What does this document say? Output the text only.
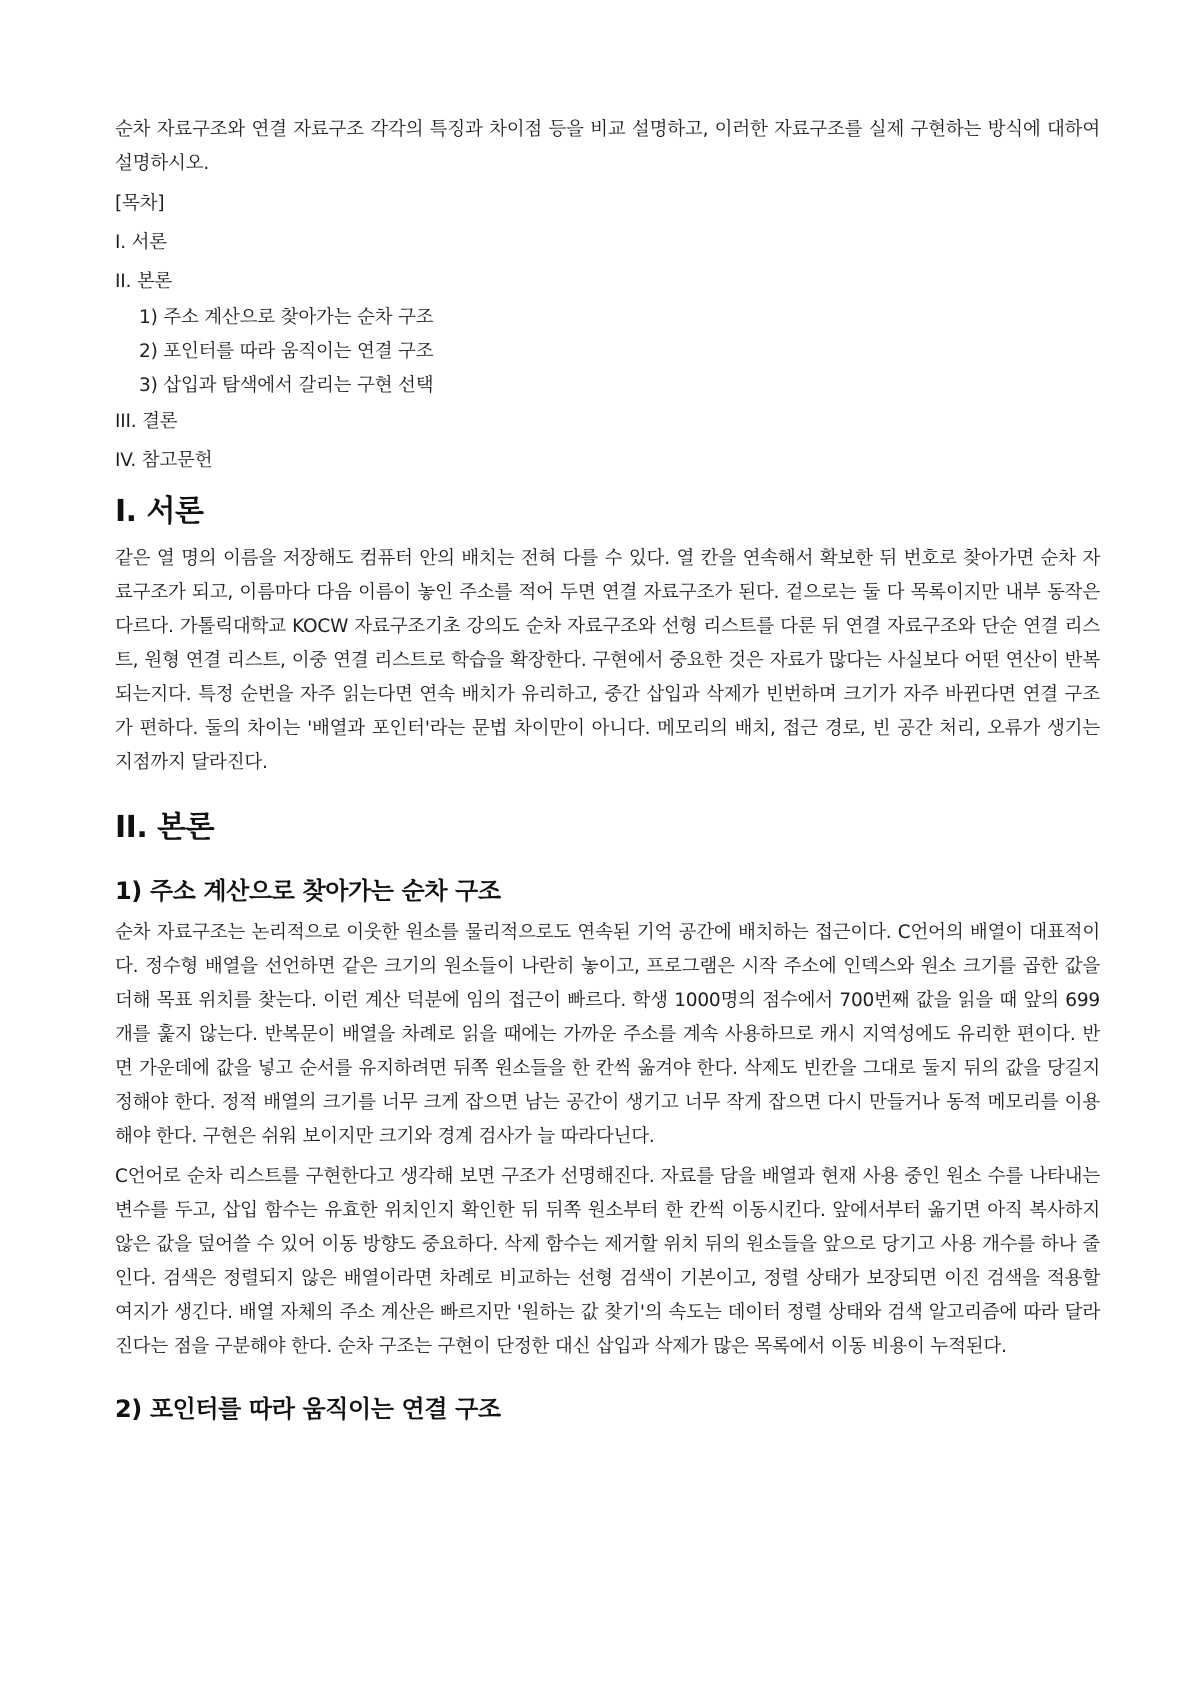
순차 자료구조와 연결 자료구조 각각의 특징과 차이점 등을 비교 설명하고, 이러한 자료구조를 실제 구현하는 방식에 대하여 설명하시오.

[목차]

I. 서론

II. 본론

1) 주소 계산으로 찾아가는 순차 구조

2) 포인터를 따라 움직이는 연결 구조

3) 삽입과 탐색에서 갈리는 구현 선택

III. 결론

IV. 참고문헌

I. 서론

같은 열 명의 이름을 저장해도 컴퓨터 안의 배치는 전혀 다를 수 있다. 열 칸을 연속해서 확보한 뒤 번호로 찾아가면 순차 자료구조가 되고, 이름마다 다음 이름이 놓인 주소를 적어 두면 연결 자료구조가 된다. 겉으로는 둘 다 목록이지만 내부 동작은 다르다. 가톨릭대학교 KOCW 자료구조기초 강의도 순차 자료구조와 선형 리스트를 다룬 뒤 연결 자료구조와 단순 연결 리스트, 원형 연결 리스트, 이중 연결 리스트로 학습을 확장한다. 구현에서 중요한 것은 자료가 많다는 사실보다 어떤 연산이 반복되는지다. 특정 순번을 자주 읽는다면 연속 배치가 유리하고, 중간 삽입과 삭제가 빈번하며 크기가 자주 바뀐다면 연결 구조가 편하다. 둘의 차이는 '배열과 포인터'라는 문법 차이만이 아니다. 메모리의 배치, 접근 경로, 빈 공간 처리, 오류가 생기는 지점까지 달라진다.

II. 본론
1) 주소 계산으로 찾아가는 순차 구조

순차 자료구조는 논리적으로 이웃한 원소를 물리적으로도 연속된 기억 공간에 배치하는 접근이다. C언어의 배열이 대표적이다. 정수형 배열을 선언하면 같은 크기의 원소들이 나란히 놓이고, 프로그램은 시작 주소에 인덱스와 원소 크기를 곱한 값을 더해 목표 위치를 찾는다. 이런 계산 덕분에 임의 접근이 빠르다. 학생 1000명의 점수에서 700번째 값을 읽을 때 앞의 699개를 훑지 않는다. 반복문이 배열을 차례로 읽을 때에는 가까운 주소를 계속 사용하므로 캐시 지역성에도 유리한 편이다. 반면 가운데에 값을 넣고 순서를 유지하려면 뒤쪽 원소들을 한 칸씩 옮겨야 한다. 삭제도 빈칸을 그대로 둘지 뒤의 값을 당길지 정해야 한다. 정적 배열의 크기를 너무 크게 잡으면 남는 공간이 생기고 너무 작게 잡으면 다시 만들거나 동적 메모리를 이용해야 한다. 구현은 쉬워 보이지만 크기와 경계 검사가 늘 따라다닌다.

C언어로 순차 리스트를 구현한다고 생각해 보면 구조가 선명해진다. 자료를 담을 배열과 현재 사용 중인 원소 수를 나타내는 변수를 두고, 삽입 함수는 유효한 위치인지 확인한 뒤 뒤쪽 원소부터 한 칸씩 이동시킨다. 앞에서부터 옮기면 아직 복사하지 않은 값을 덮어쓸 수 있어 이동 방향도 중요하다. 삭제 함수는 제거할 위치 뒤의 원소들을 앞으로 당기고 사용 개수를 하나 줄인다. 검색은 정렬되지 않은 배열이라면 차례로 비교하는 선형 검색이 기본이고, 정렬 상태가 보장되면 이진 검색을 적용할 여지가 생긴다. 배열 자체의 주소 계산은 빠르지만 '원하는 값 찾기'의 속도는 데이터 정렬 상태와 검색 알고리즘에 따라 달라진다는 점을 구분해야 한다. 순차 구조는 구현이 단정한 대신 삽입과 삭제가 많은 목록에서 이동 비용이 누적된다.

2) 포인터를 따라 움직이는 연결 구조
